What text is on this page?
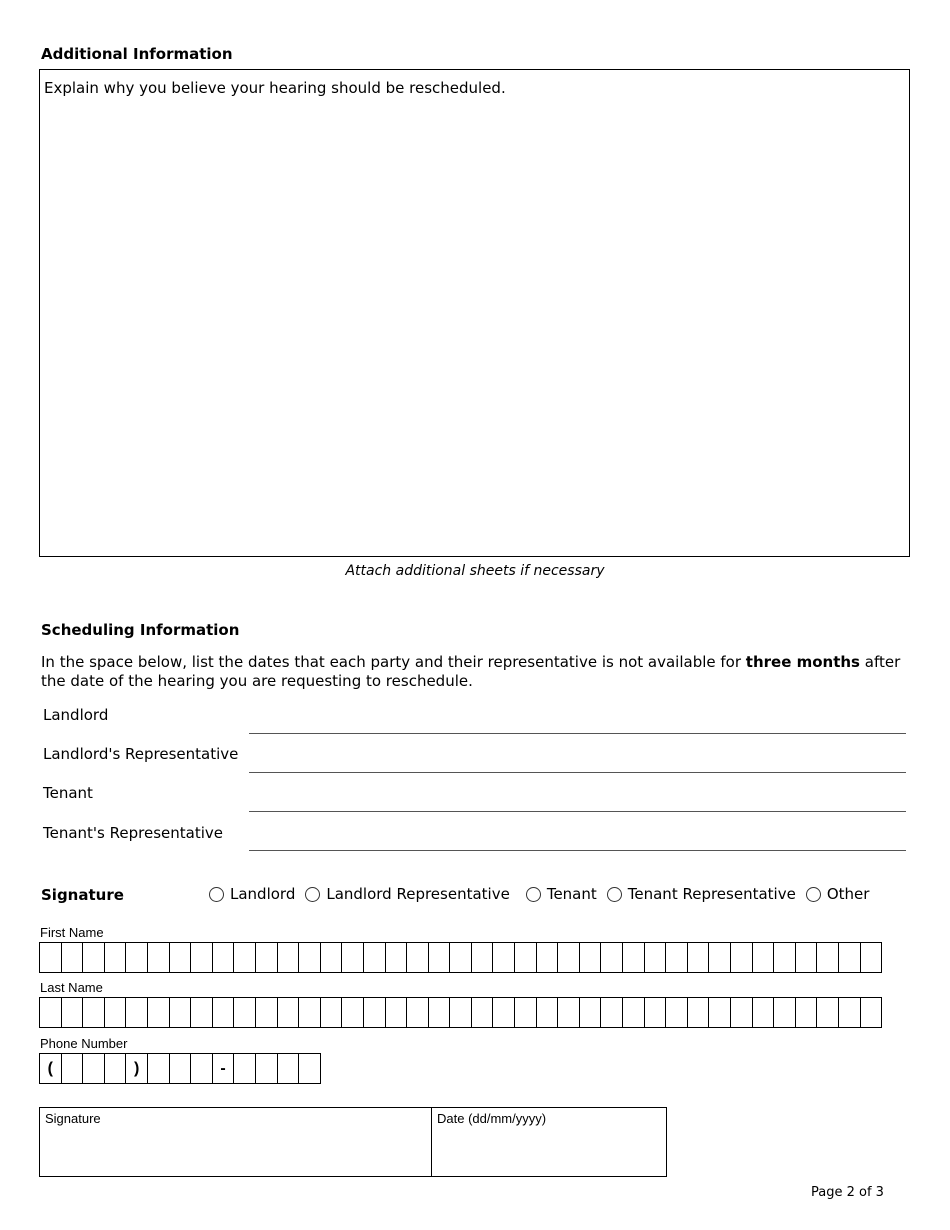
Additional Information
Explain why you believe your hearing should be rescheduled.
Attach additional sheets if necessary
Scheduling Information
In the space below, list the dates that each party and their representative is not available for three months after the date of the hearing you are requesting to reschedule.
Landlord
Landlord's Representative
Tenant
Tenant's Representative
Signature	Landlord Landlord Representative Tenant Tenant Representative Other
First Name
Last Name
Phone Number
(	)	-
Signature	Date (dd/mm/yyyy)
Page 2 of 3
